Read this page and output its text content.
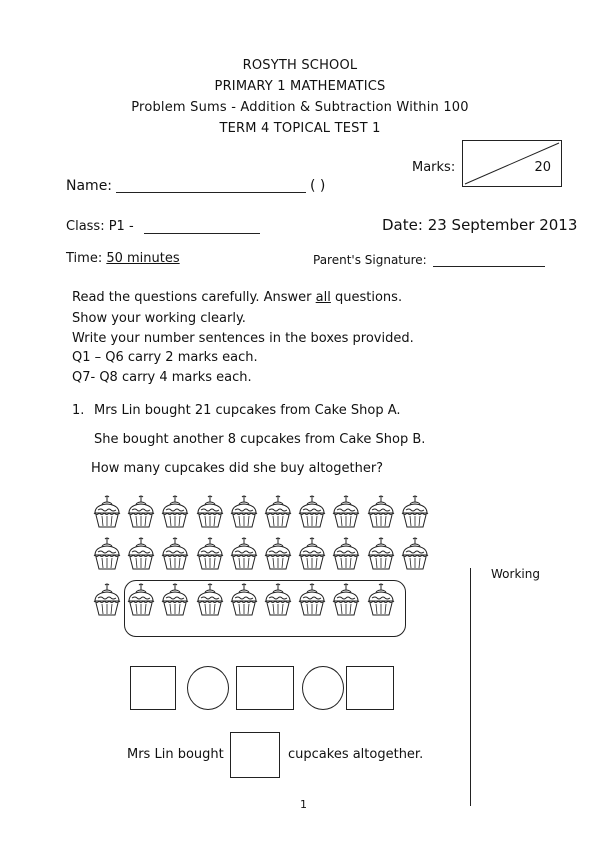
ROSYTH SCHOOL
PRIMARY 1 MATHEMATICS
Problem Sums - Addition & Subtraction Within 100
TERM 4 TOPICAL TEST 1
Marks:	20
Name:	( )
Class: P1 -	Date: 23 September 2013
Time: 50 minutes	Parent's Signature:
Read the questions carefully. Answer all questions.
Show your working clearly.
Write your number sentences in the boxes provided.
Q1 – Q6 carry 2 marks each.
Q7- Q8 carry 4 marks each.
1. Mrs Lin bought 21 cupcakes from Cake Shop A.
She bought another 8 cupcakes from Cake Shop B.
How many cupcakes did she buy altogether?
Mrs Lin bought	cupcakes altogether.
Working
1
